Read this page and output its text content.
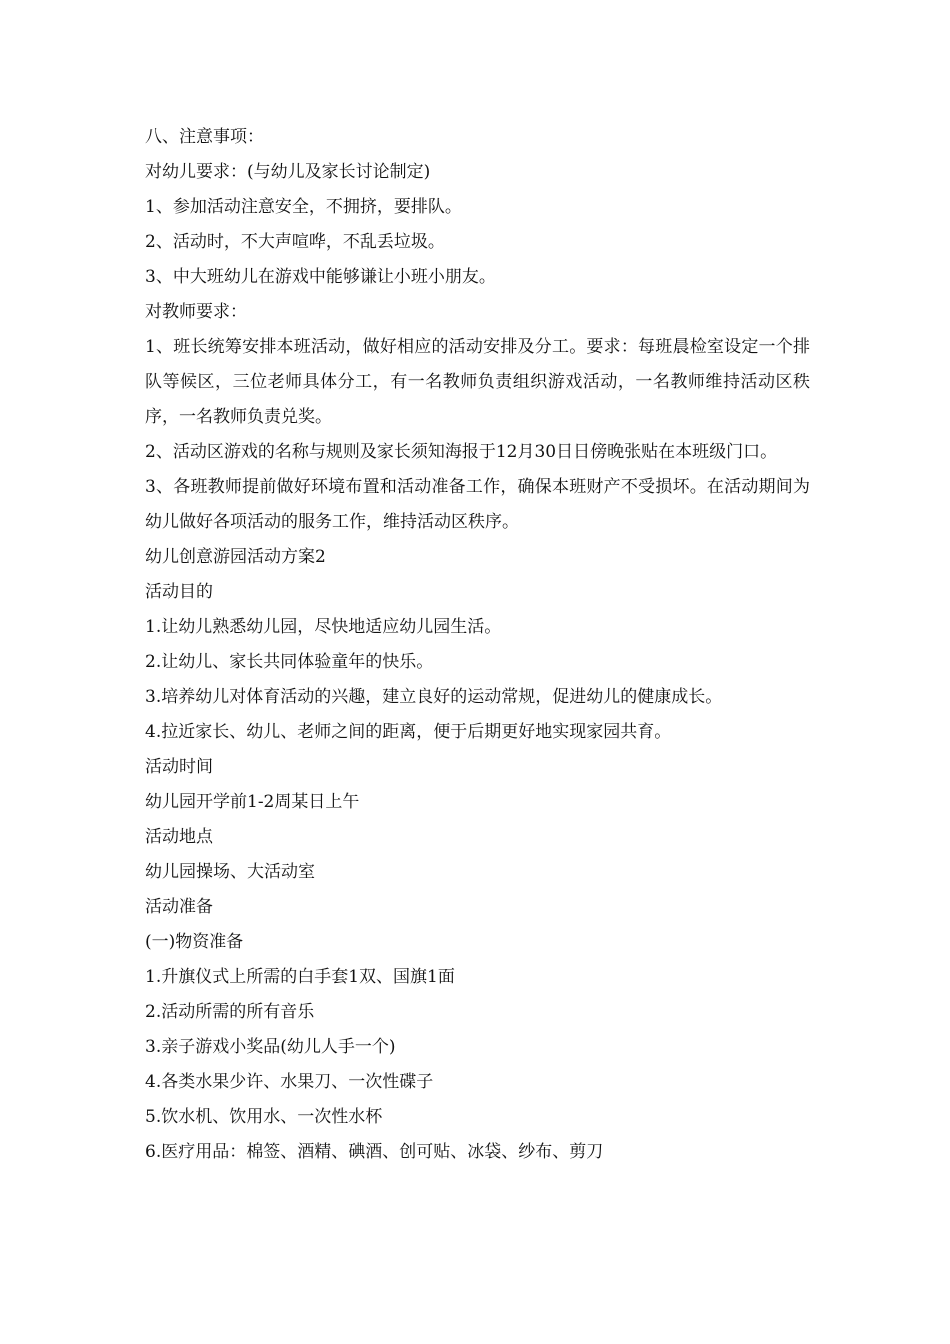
八、注意事项：

对幼儿要求：(与幼儿及家长讨论制定)

1、参加活动注意安全，不拥挤，要排队。

2、活动时，不大声喧哗，不乱丢垃圾。

3、中大班幼儿在游戏中能够谦让小班小朋友。

对教师要求：

1、班长统筹安排本班活动，做好相应的活动安排及分工。要求：每班晨检室设定一个排队等候区，三位老师具体分工，有一名教师负责组织游戏活动，一名教师维持活动区秩序，一名教师负责兑奖。

2、活动区游戏的名称与规则及家长须知海报于12月30日日傍晚张贴在本班级门口。

3、各班教师提前做好环境布置和活动准备工作，确保本班财产不受损坏。在活动期间为幼儿做好各项活动的服务工作，维持活动区秩序。

幼儿创意游园活动方案2

活动目的

1.让幼儿熟悉幼儿园，尽快地适应幼儿园生活。

2.让幼儿、家长共同体验童年的快乐。

3.培养幼儿对体育活动的兴趣，建立良好的运动常规，促进幼儿的健康成长。

4.拉近家长、幼儿、老师之间的距离，便于后期更好地实现家园共育。

活动时间

幼儿园开学前1-2周某日上午

活动地点

幼儿园操场、大活动室

活动准备

(一)物资准备

1.升旗仪式上所需的白手套1双、国旗1面

2.活动所需的所有音乐

3.亲子游戏小奖品(幼儿人手一个)

4.各类水果少许、水果刀、一次性碟子

5.饮水机、饮用水、一次性水杯

6.医疗用品：棉签、酒精、碘酒、创可贴、冰袋、纱布、剪刀
